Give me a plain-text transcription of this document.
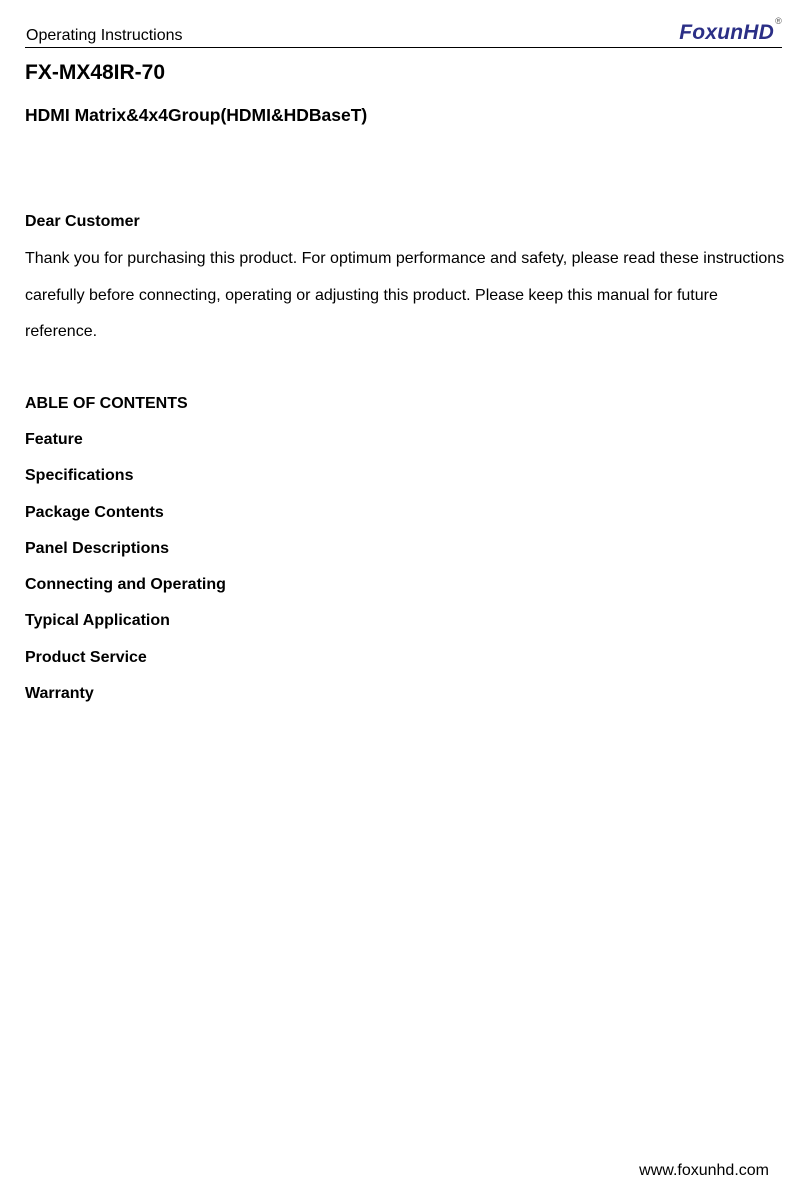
Operating Instructions	FoxunHD ®
FX-MX48IR-70
HDMI Matrix&4x4Group(HDMI&HDBaseT)
Dear Customer
Thank you for purchasing this product. For optimum performance and safety, please read these instructions carefully before connecting, operating or adjusting this product. Please keep this manual for future reference.
ABLE OF CONTENTS
Feature
Specifications
Package Contents
Panel Descriptions
Connecting and Operating
Typical Application
Product Service
Warranty
www.foxunhd.com
